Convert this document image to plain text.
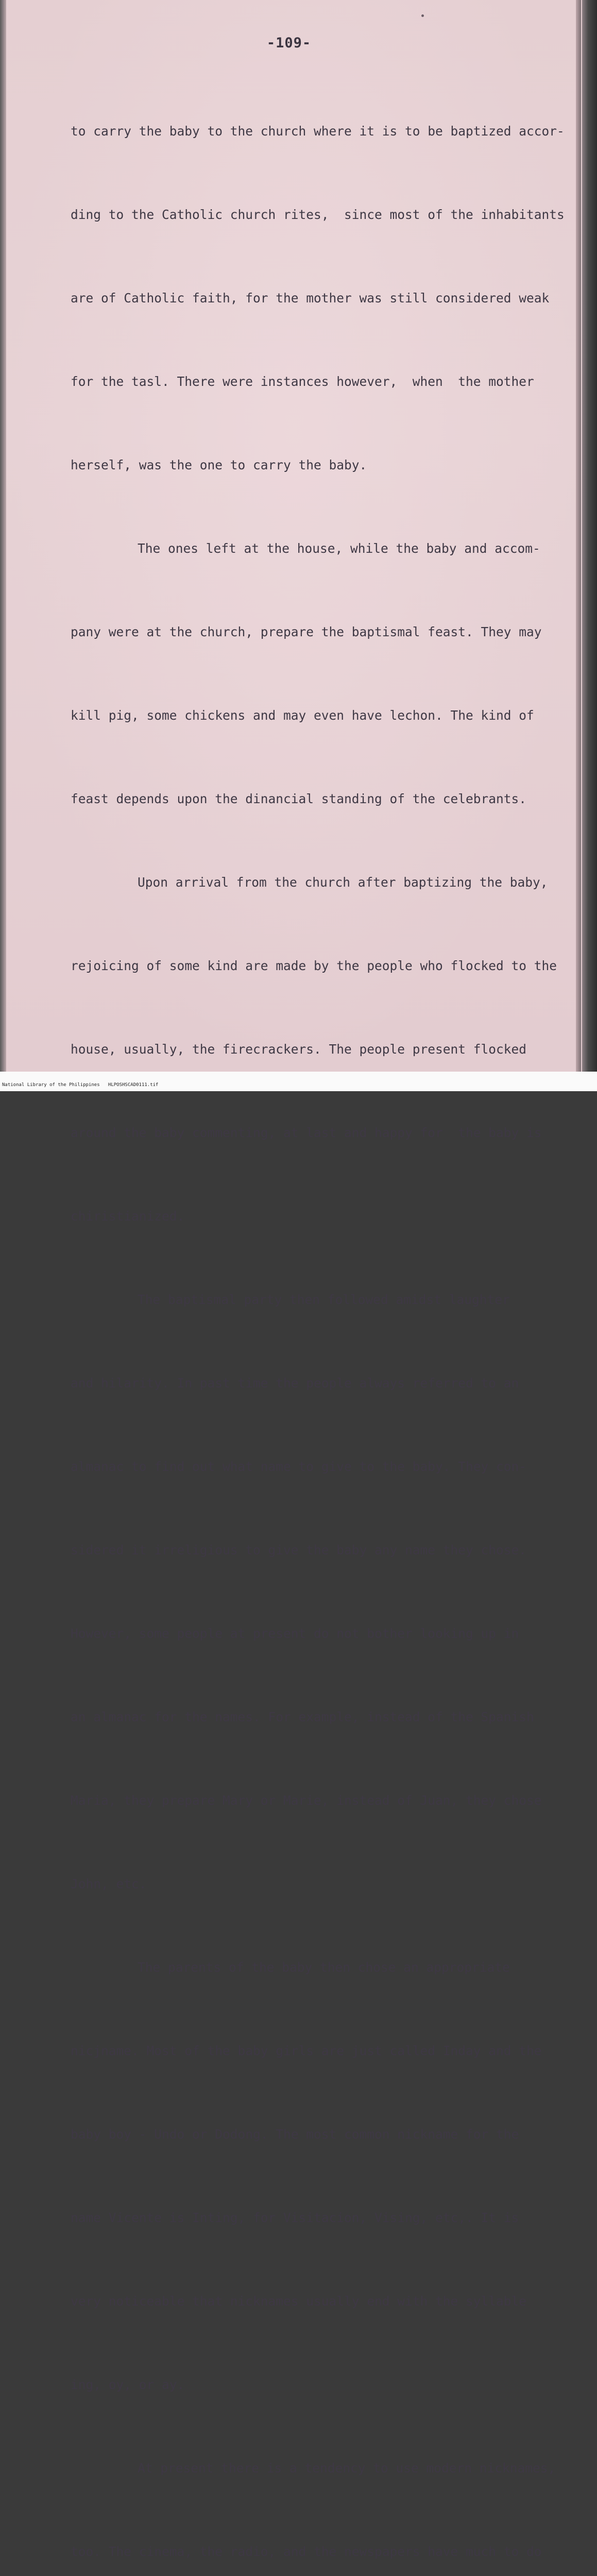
-109-

to carry the baby to the church where it is to be baptized accor-

ding to the Catholic church rites,  since most of the inhabitants

are of Catholic faith, for the mother was still considered weak

for the tasl. There were instances however,  when  the mother

herself, was the one to carry the baby.

The ones left at the house, while the baby and accom-

pany were at the church, prepare the baptismal feast. They may

kill pig, some chickens and may even have lechon. The kind of

feast depends upon the dinancial standing of the celebrants.

Upon arrival from the church after baptizing the baby,

rejoicing of some kind are made by the people who flocked to the

house, usually, the firecrackers. The people present flocked

around the baby commenting, at last and happy for  the baby is

chiristianized.

The baptismal party then followed amidst laughter

and hilarity. In past time the people always referred to an

almanac to find out what name to give to the baby. They con-

sidered it irreligious to give the baby any name they chose.

However, some people at present do not bother looking up in

an almanac for the names. For example, instead of the Spanish

Maria, they prepare Mary or Marie, instead of Juan, they chose

John, etc.

The parents of the baby then chose an appropriate

nicjname. Most of the baby girls are just called Inday and the

baby boy - Undo or Dodong. The most common nickname for the

name Vicente is Inting, for Visitacion, Vising, etc,. It is

very noticeable that nicknames usually end with the syllable

ing, oy, or ay.

At present there is a tendency to use modern nicknames,

too. The cinema, the radio, and the newspapers have much to do

National Library of the Philippines HLPOSHSCAD0111.tif
